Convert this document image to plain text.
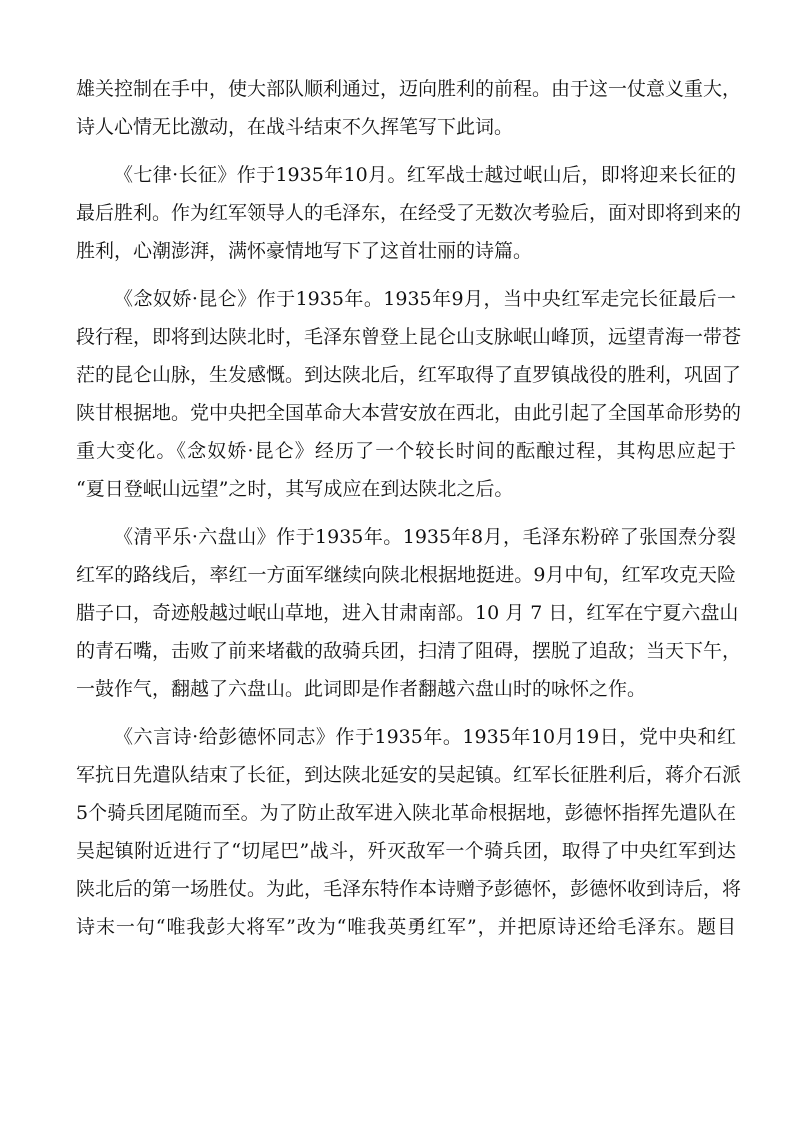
雄关控制在手中，使大部队顺利通过，迈向胜利的前程。由于这一仗意义重大，
诗人心情无比激动，在战斗结束不久挥笔写下此词。
《七律·长征》作于1935年10月。红军战士越过岷山后，即将迎来长征的
最后胜利。作为红军领导人的毛泽东，在经受了无数次考验后，面对即将到来的
胜利，心潮澎湃，满怀豪情地写下了这首壮丽的诗篇。
《念奴娇·昆仑》作于1935年。1935年9月，当中央红军走完长征最后一
段行程，即将到达陕北时，毛泽东曾登上昆仑山支脉岷山峰顶，远望青海一带苍
茫的昆仑山脉，生发感慨。到达陕北后，红军取得了直罗镇战役的胜利，巩固了
陕甘根据地。党中央把全国革命大本营安放在西北，由此引起了全国革命形势的
重大变化。《念奴娇·昆仑》经历了一个较长时间的酝酿过程，其构思应起于
“夏日登岷山远望”之时，其写成应在到达陕北之后。
《清平乐·六盘山》作于1935年。1935年8月，毛泽东粉碎了张国焘分裂
红军的路线后，率红一方面军继续向陕北根据地挺进。9月中旬，红军攻克天险
腊子口，奇迹般越过岷山草地，进入甘肃南部。10 月 7 日，红军在宁夏六盘山
的青石嘴，击败了前来堵截的敌骑兵团，扫清了阻碍，摆脱了追敌；当天下午，
一鼓作气，翻越了六盘山。此词即是作者翻越六盘山时的咏怀之作。
《六言诗·给彭德怀同志》作于1935年。1935年10月19日，党中央和红
军抗日先遣队结束了长征，到达陕北延安的吴起镇。红军长征胜利后，蒋介石派
5个骑兵团尾随而至。为了防止敌军进入陕北革命根据地，彭德怀指挥先遣队在
吴起镇附近进行了“切尾巴”战斗，歼灭敌军一个骑兵团，取得了中央红军到达
陕北后的第一场胜仗。为此，毛泽东特作本诗赠予彭德怀，彭德怀收到诗后，将
诗末一句“唯我彭大将军”改为“唯我英勇红军”，并把原诗还给毛泽东。题目
